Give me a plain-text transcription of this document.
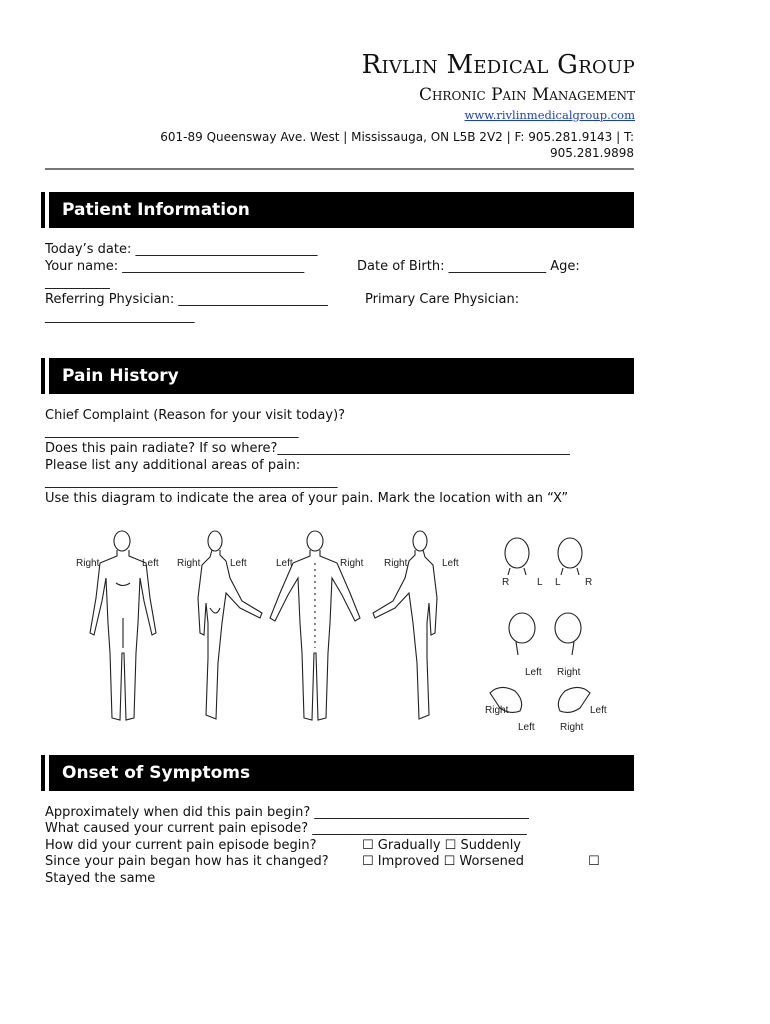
Rivlin Medical Group
Chronic Pain Management
www.rivlinmedicalgroup.com
601-89 Queensway Ave. West | Mississauga, ON L5B 2V2 | F: 905.281.9143 | T:
905.281.9898
Patient Information
Today’s date: ____________________________
Your name: ____________________________	Date of Birth: _______________ Age:
__________
Referring Physician: _______________________	Primary Care Physician:
_______________________
Pain History
Chief Complaint (Reason for your visit today)?
_______________________________________
Does this pain radiate? If so where?_____________________________________________
Please list any additional areas of pain:
_____________________________________________
Use this diagram to indicate the area of your pain. Mark the location with an “X”
Right	Left Right	Left	Left	Right Right	Left
R	L L R
Left Right
Right	Left
Left	Right
Onset of Symptoms
Approximately when did this pain begin? _________________________________
What caused your current pain episode? _________________________________
How did your current pain episode begin?	☐ Gradually ☐ Suddenly
Since your pain began how has it changed?	☐ Improved ☐ Worsened	☐
Stayed the same
